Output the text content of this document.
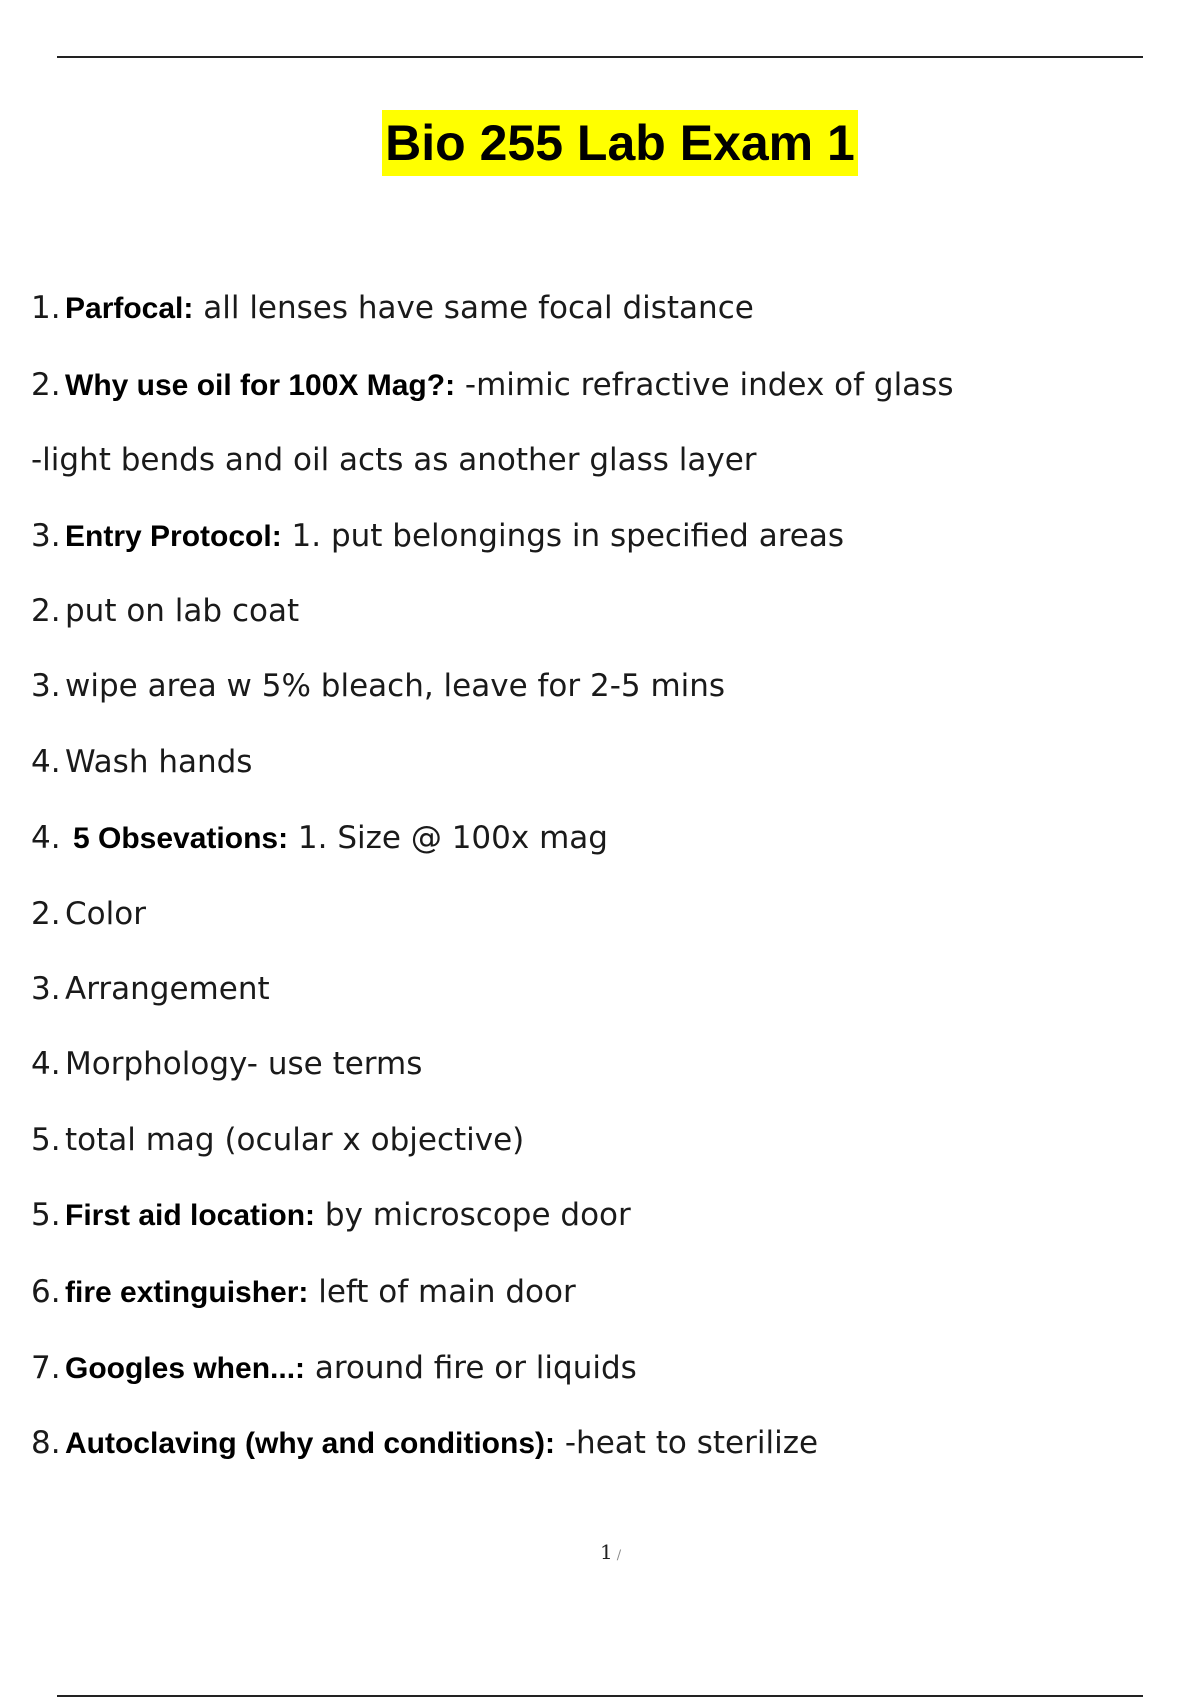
Bio 255 Lab Exam 1
1. Parfocal: all lenses have same focal distance
2. Why use oil for 100X Mag?: -mimic refractive index of glass
-light bends and oil acts as another glass layer
3. Entry Protocol: 1. put belongings in specified areas
2. put on lab coat
3. wipe area w 5% bleach, leave for 2-5 mins
4. Wash hands
4. 5 Obsevations: 1. Size @ 100x mag
2. Color
3. Arrangement
4. Morphology- use terms
5. total mag (ocular x objective)
5. First aid location: by microscope door
6. fire extinguisher: left of main door
7. Googles when...: around fire or liquids
8. Autoclaving (why and conditions): -heat to sterilize
1 /
